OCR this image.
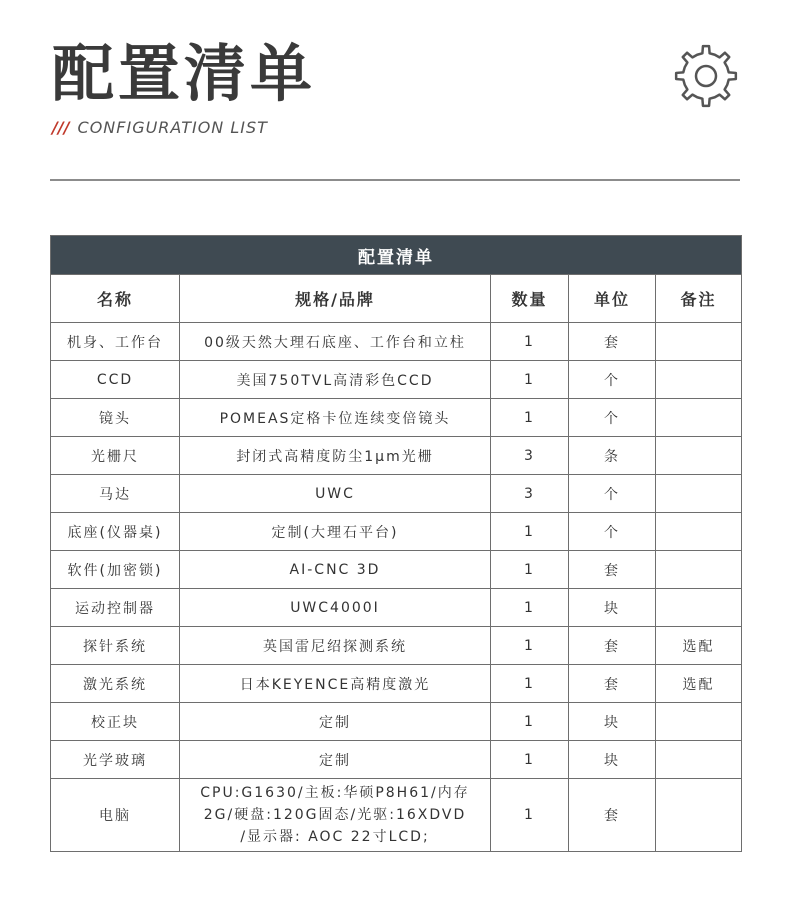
配置清单
/// CONFIGURATION LIST
配置清单				
名称	规格/品牌	数量	单位	备注
机身、工作台	00级天然大理石底座、工作台和立柱	1	套	
CCD	美国750TVL高清彩色CCD	1	个	
镜头	POMEAS定格卡位连续变倍镜头	1	个	
光栅尺	封闭式高精度防尘1μm光栅	3	条	
马达	UWC	3	个	
底座(仪器桌)	定制(大理石平台)	1	个	
软件(加密锁)	AI-CNC 3D	1	套	
运动控制器	UWC4000I	1	块	
探针系统	英国雷尼绍探测系统	1	套	选配
激光系统	日本KEYENCE高精度激光	1	套	选配
校正块	定制	1	块	
光学玻璃	定制	1	块	
电脑	CPU:G1630/主板:华硕P8H61/内存
2G/硬盘:120G固态/光驱:16XDVD
/显示器: AOC 22寸LCD;	1	套	
